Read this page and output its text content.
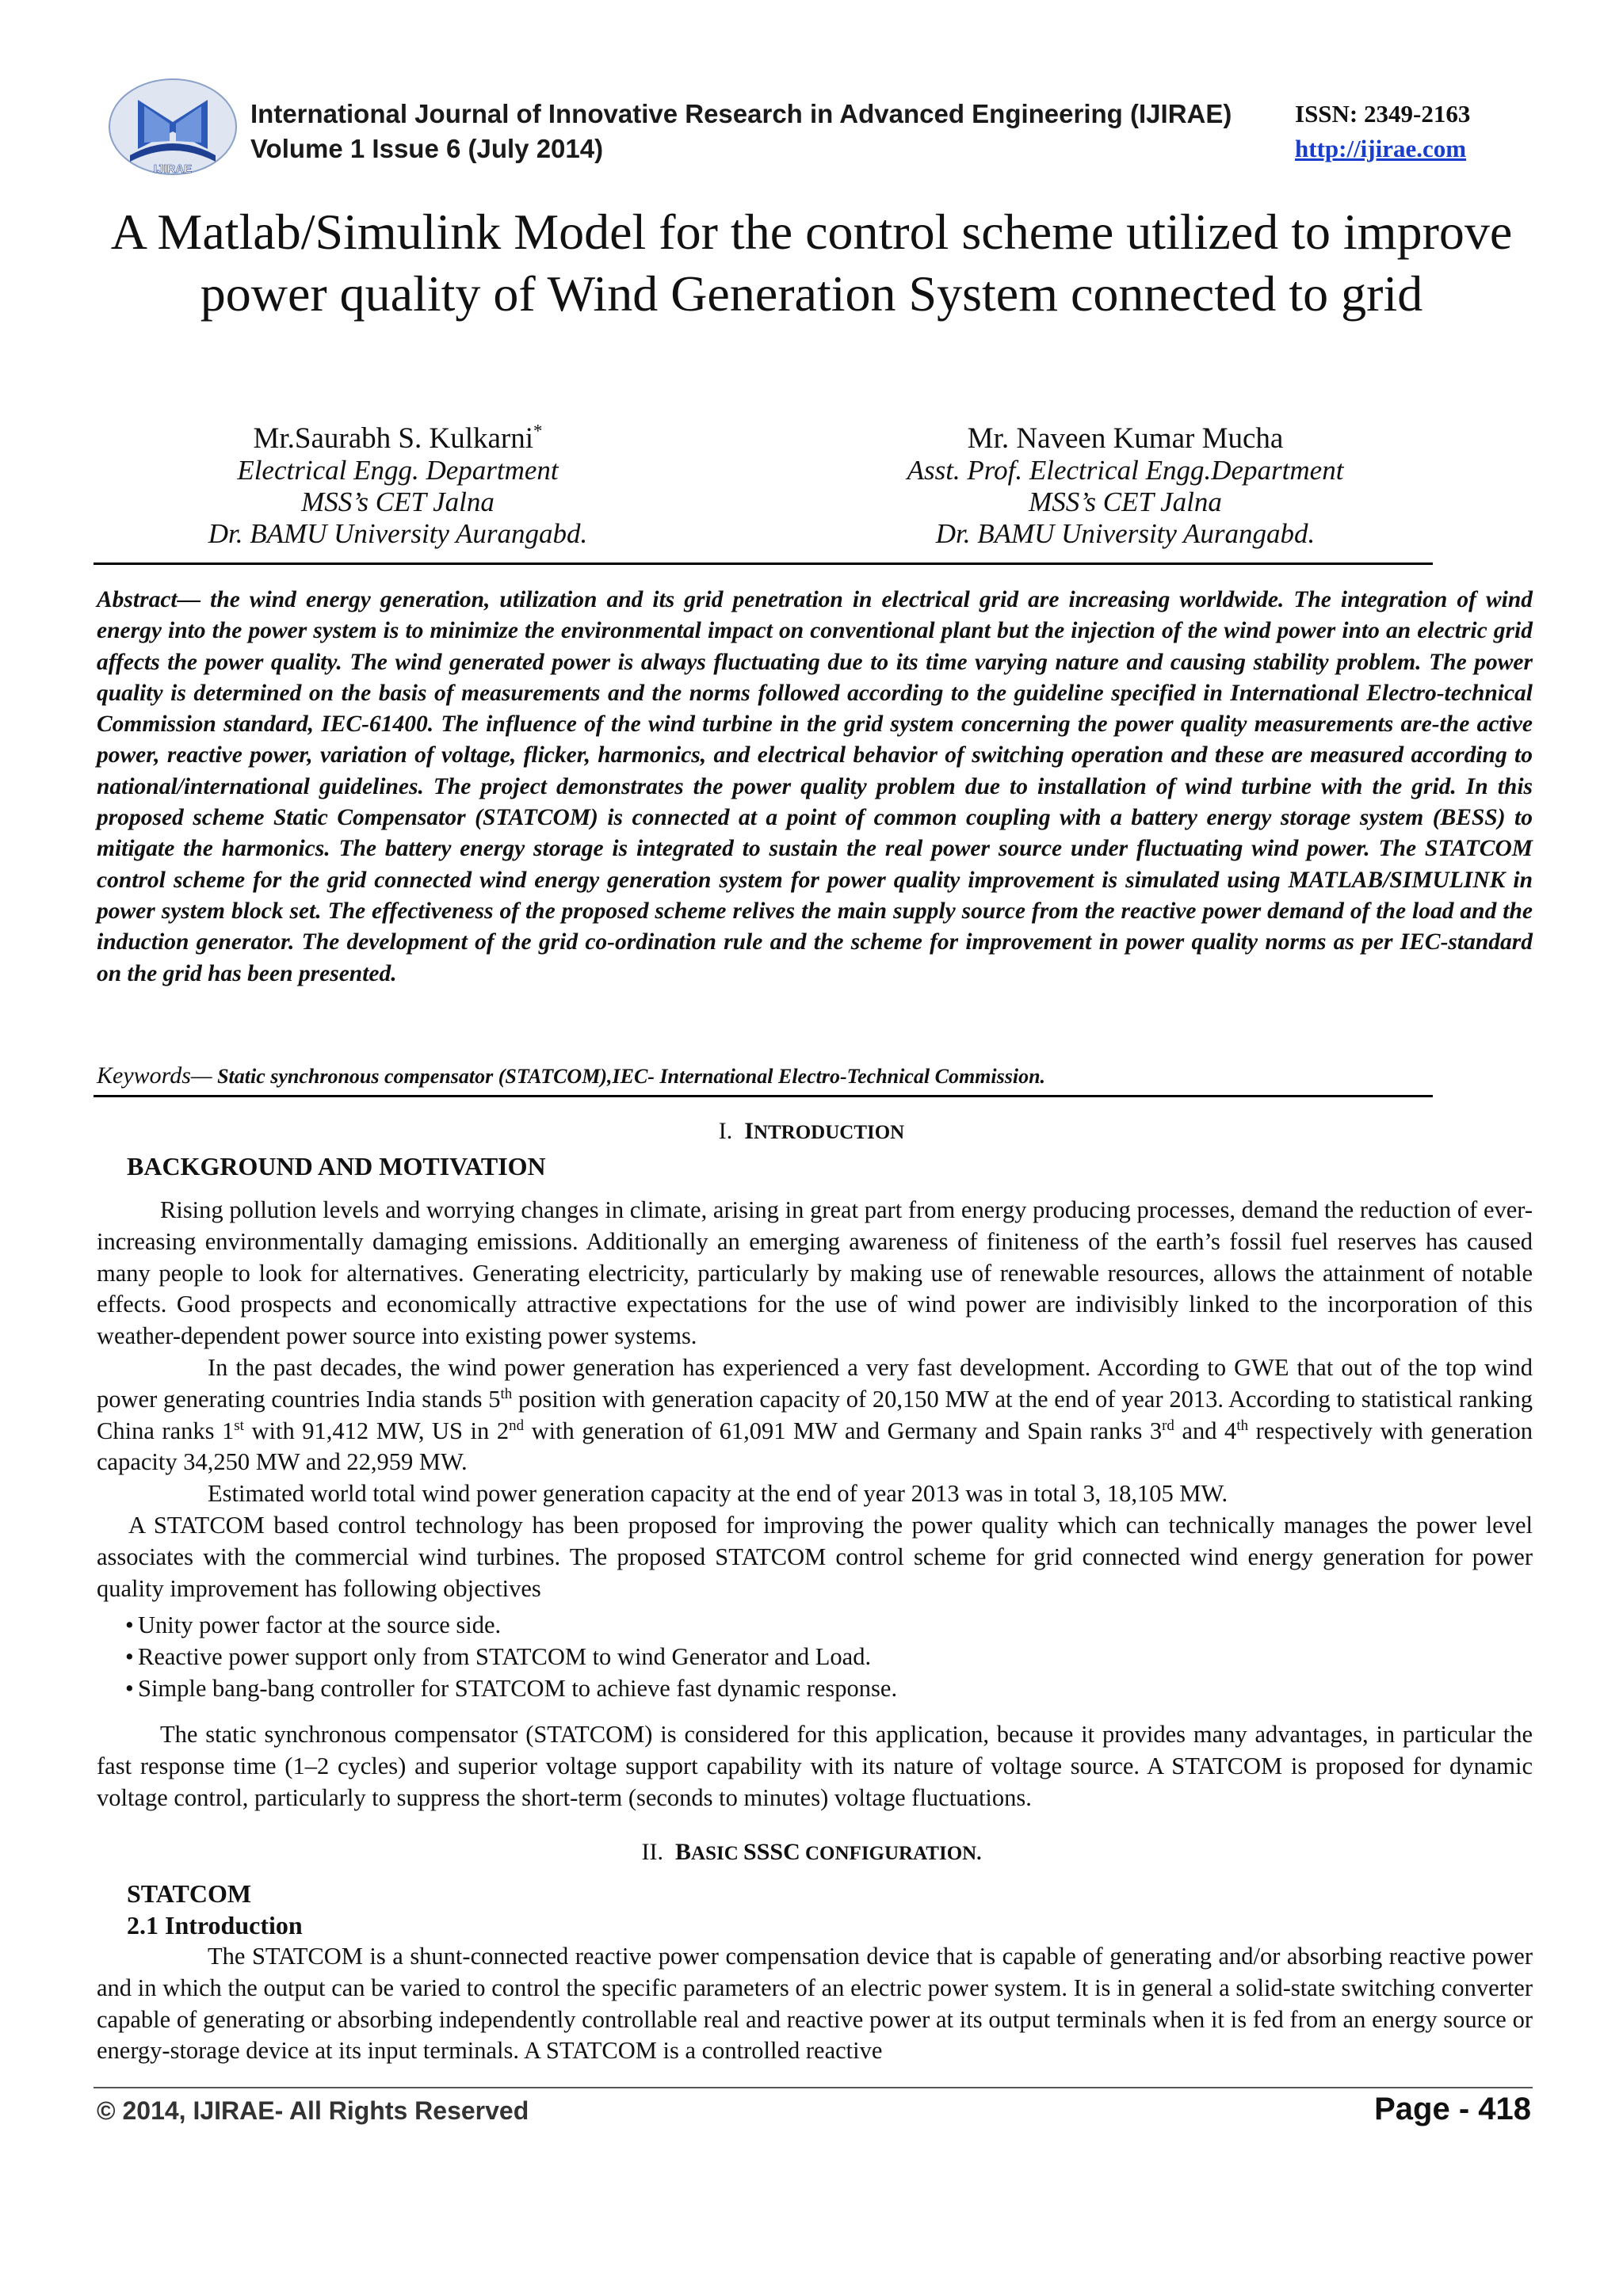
IJIRAE
International Journal of Innovative Research in Advanced Engineering (IJIRAE)
Volume 1 Issue 6 (July 2014)
ISSN: 2349-2163
http://ijirae.com
A Matlab/Simulink Model for the control scheme utilized to improve power quality of Wind Generation System connected to grid
Mr.Saurabh S. Kulkarni*
Electrical Engg. Department
MSS’s CET Jalna
Dr. BAMU University Aurangabd.
Mr. Naveen Kumar Mucha
Asst. Prof. Electrical Engg.Department
MSS’s CET Jalna
Dr. BAMU University Aurangabd.
Abstract— the wind energy generation, utilization and its grid penetration in electrical grid are increasing worldwide. The integration of wind energy into the power system is to minimize the environmental impact on conventional plant but the injection of the wind power into an electric grid affects the power quality. The wind generated power is always fluctuating due to its time varying nature and causing stability problem. The power quality is determined on the basis of measurements and the norms followed according to the guideline specified in International Electro-technical Commission standard, IEC-61400. The influence of the wind turbine in the grid system concerning the power quality measurements are-the active power, reactive power, variation of voltage, flicker, harmonics, and electrical behavior of switching operation and these are measured according to national/international guidelines. The project demonstrates the power quality problem due to installation of wind turbine with the grid. In this proposed scheme Static Compensator (STATCOM) is connected at a point of common coupling with a battery energy storage system (BESS) to mitigate the harmonics. The battery energy storage is integrated to sustain the real power source under fluctuating wind power. The STATCOM control scheme for the grid connected wind energy generation system for power quality improvement is simulated using MATLAB/SIMULINK in power system block set. The effectiveness of the proposed scheme relives the main supply source from the reactive power demand of the load and the induction generator. The development of the grid co-ordination rule and the scheme for improvement in power quality norms as per IEC-standard on the grid has been presented.
Keywords— Static synchronous compensator (STATCOM),IEC- International Electro-Technical Commission.
I. INTRODUCTION
BACKGROUND AND MOTIVATION

Rising pollution levels and worrying changes in climate, arising in great part from energy producing processes, demand the reduction of ever-increasing environmentally damaging emissions. Additionally an emerging awareness of finiteness of the earth’s fossil fuel reserves has caused many people to look for alternatives. Generating electricity, particularly by making use of renewable resources, allows the attainment of notable effects. Good prospects and economically attractive expectations for the use of wind power are indivisibly linked to the incorporation of this weather-dependent power source into existing power systems.

In the past decades, the wind power generation has experienced a very fast development. According to GWE that out of the top wind power generating countries India stands 5th position with generation capacity of 20,150 MW at the end of year 2013. According to statistical ranking China ranks 1st with 91,412 MW, US in 2nd with generation of 61,091 MW and Germany and Spain ranks 3rd and 4th respectively with generation capacity 34,250 MW and 22,959 MW.

Estimated world total wind power generation capacity at the end of year 2013 was in total 3, 18,105 MW.

A STATCOM based control technology has been proposed for improving the power quality which can technically manages the power level associates with the commercial wind turbines. The proposed STATCOM control scheme for grid connected wind energy generation for power quality improvement has following objectives

• Unity power factor at the source side.
• Reactive power support only from STATCOM to wind Generator and Load.
• Simple bang-bang controller for STATCOM to achieve fast dynamic response.

The static synchronous compensator (STATCOM) is considered for this application, because it provides many advantages, in particular the fast response time (1–2 cycles) and superior voltage support capability with its nature of voltage source. A STATCOM is proposed for dynamic voltage control, particularly to suppress the short-term (seconds to minutes) voltage fluctuations.

II. BASIC SSSC CONFIGURATION.
STATCOM
2.1 Introduction

The STATCOM is a shunt-connected reactive power compensation device that is capable of generating and/or absorbing reactive power and in which the output can be varied to control the specific parameters of an electric power system. It is in general a solid-state switching converter capable of generating or absorbing independently controllable real and reactive power at its output terminals when it is fed from an energy source or energy-storage device at its input terminals. A STATCOM is a controlled reactive

© 2014, IJIRAE- All Rights Reserved	Page - 418
